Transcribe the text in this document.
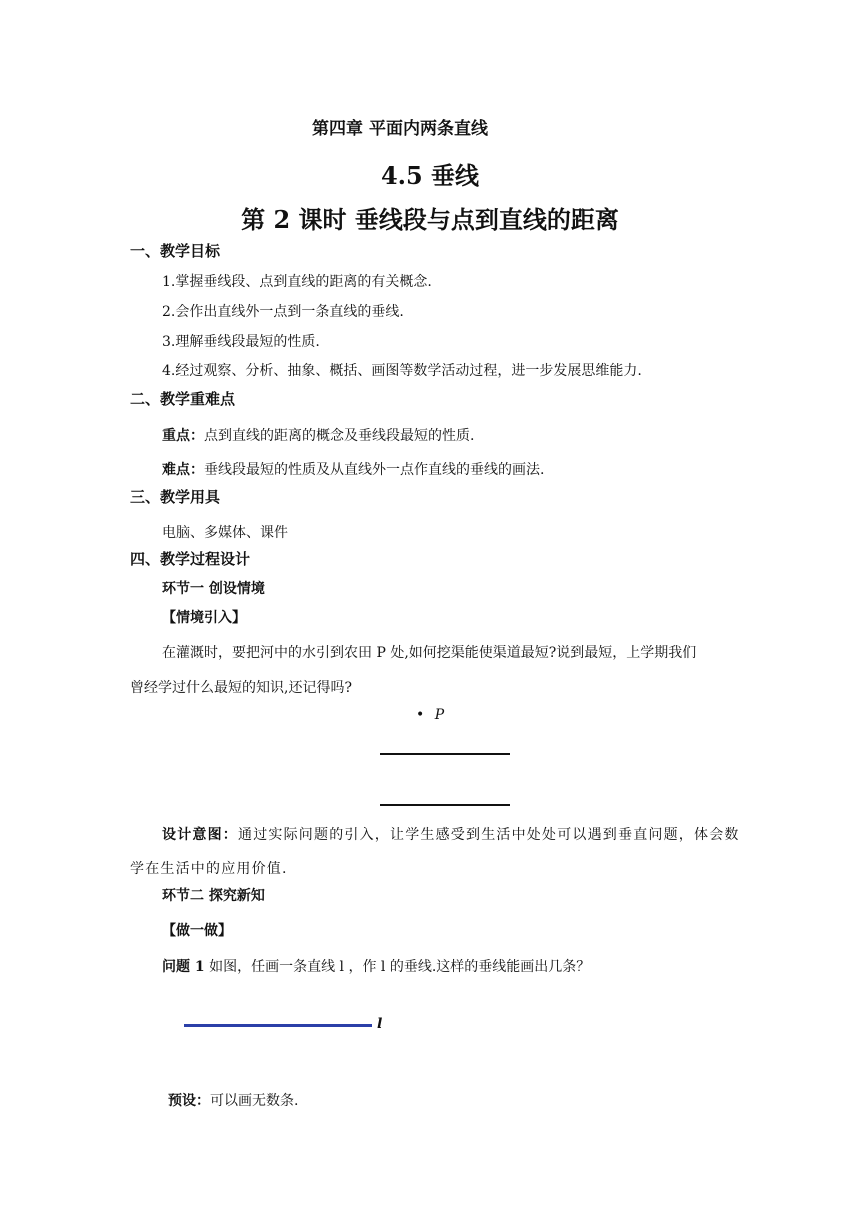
第四章 平面内两条直线
4.5 垂线
第 2 课时 垂线段与点到直线的距离
一、教学目标
1.掌握垂线段、点到直线的距离的有关概念.
2.会作出直线外一点到一条直线的垂线.
3.理解垂线段最短的性质.
4.经过观察、分析、抽象、概括、画图等数学活动过程，进一步发展思维能力.
二、教学重难点
重点：点到直线的距离的概念及垂线段最短的性质.
难点：垂线段最短的性质及从直线外一点作直线的垂线的画法.
三、教学用具
电脑、多媒体、课件
四、教学过程设计
环节一 创设情境
【情境引入】
在灌溉时，要把河中的水引到农田 P 处,如何挖渠能使渠道最短?说到最短，上学期我们
曾经学过什么最短的知识,还记得吗?
• P
设计意图：通过实际问题的引入，让学生感受到生活中处处可以遇到垂直问题，体会数
学在生活中的应用价值.
环节二 探究新知
【做一做】
问题 1 如图，任画一条直线 l ，作 l 的垂线.这样的垂线能画出几条？
l
预设：可以画无数条.
